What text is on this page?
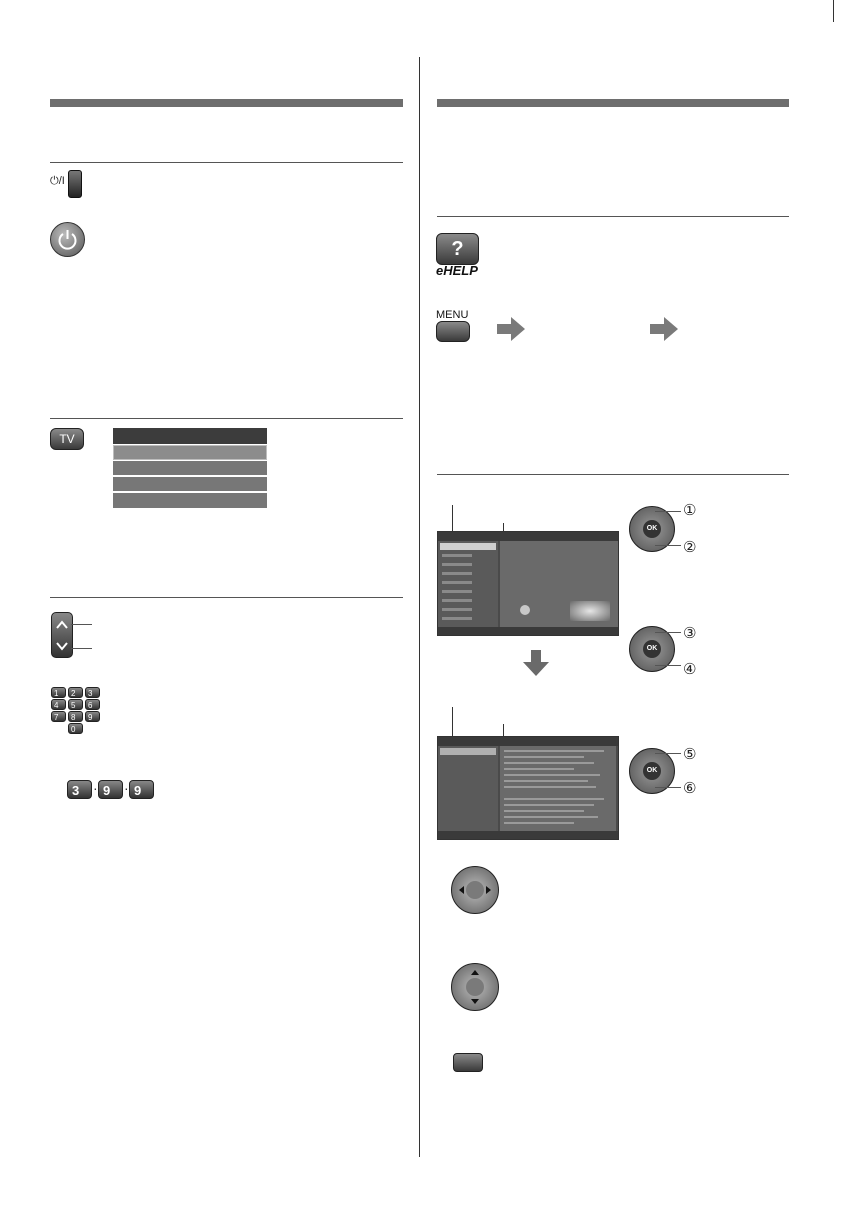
⏻/I
TV
1	2	3
4	5	6
7	8	9
0
3 · 9 · 9
?
eHELP
MENU
OK
①
②
OK
③
④
OK
⑤
⑥
